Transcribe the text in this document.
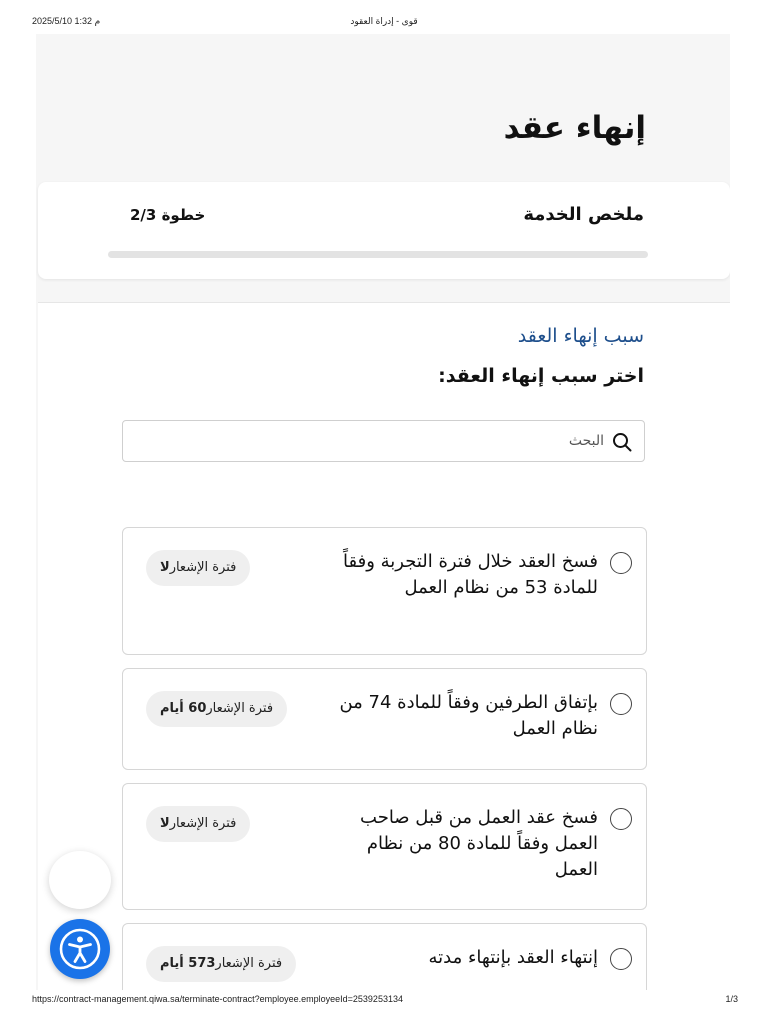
2025/5/10 1:32 م	قوى - إدراة العقود
إنهاء عقد
ملخص الخدمة
خطوة 2/3
سبب إنهاء العقد
اختر سبب إنهاء العقد:
البحث
فسخ العقد خلال فترة التجربة وفقاً للمادة 53 من نظام العمل
فترة الإشعارلا
بإتفاق الطرفين وفقاً للمادة 74 من نظام العمل
فترة الإشعار60 أيام
فسخ عقد العمل من قبل صاحب العمل وفقاً للمادة 80 من نظام العمل
فترة الإشعارلا
إنتهاء العقد بإنتهاء مدته
فترة الإشعار573 أيام
https://contract-management.qiwa.sa/terminate-contract?employee.employeeId=2539253134	1/3
